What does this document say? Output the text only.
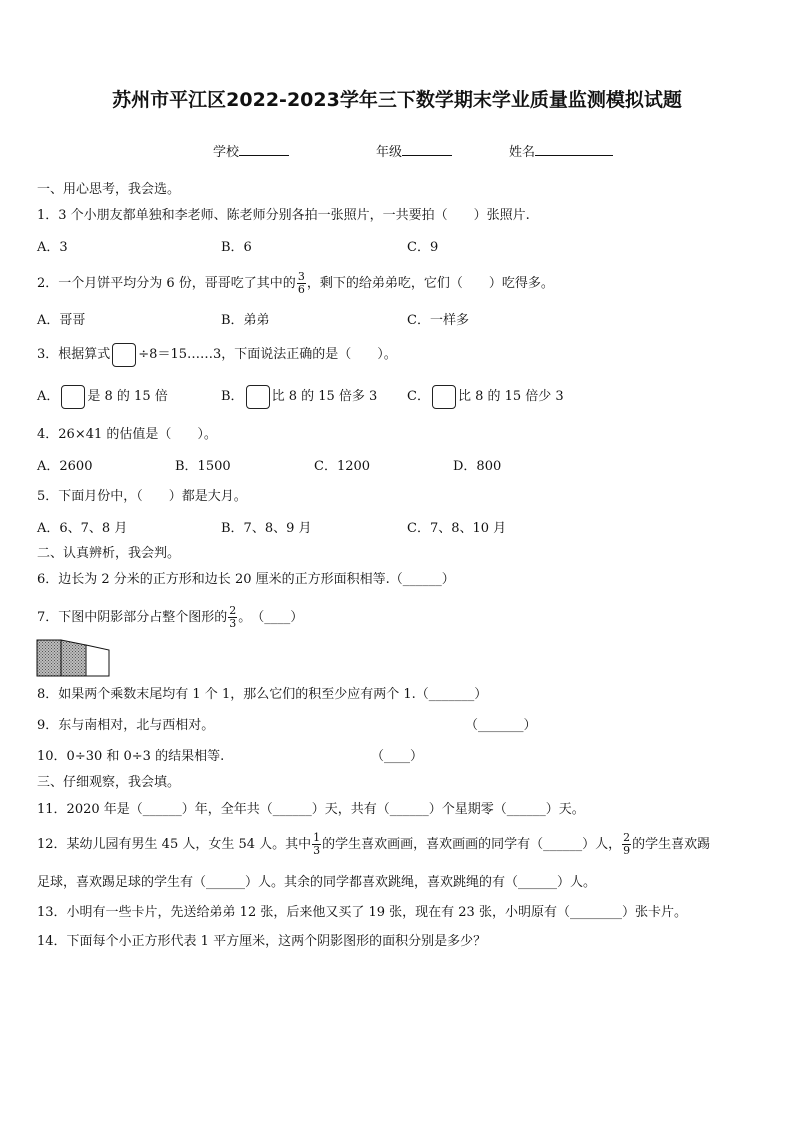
苏州市平江区2022-2023学年三下数学期末学业质量监测模拟试题
学校	年级	姓名
一、用心思考，我会选。
1．3 个小朋友都单独和李老师、陈老师分别各拍一张照片，一共要拍（　　）张照片.
A．3	B．6	C．9
2．一个月饼平均分为 6 份，哥哥吃了其中的 $\frac{3}{6}$ ，剩下的给弟弟吃，它们（　　）吃得多。
A．哥哥	B．弟弟	C．一样多
3．根据算式 ÷8＝15……3，下面说法正确的是（　　）。
A． 是 8 的 15 倍	B． 比 8 的 15 倍多 3 C． 比 8 的 15 倍少 3
4．26×41 的估值是（　　）。
A．2600	B．1500	C．1200	D．800
5．下面月份中，（　　）都是大月。
A．6、7、8 月	B．7、8、9 月	C．7、8、10 月
二、认真辨析，我会判。
6．边长为 2 分米的正方形和边长 20 厘米的正方形面积相等.（______）
7．下图中阴影部分占整个图形的 $\frac{2}{3}$ 。　（____）
8．如果两个乘数末尾均有 1 个 1，那么它们的积至少应有两个 1.（_______）
9．东与南相对，北与西相对。	（_______）
10．0÷30 和 0÷3 的结果相等.	（____）
三、仔细观察，我会填。
11．2020 年是（______）年，全年共（______）天，共有（______）个星期零（______）天。
12．某幼儿园有男生 45 人，女生 54 人。其中 $\frac{1}{3}$ 的学生喜欢画画，喜欢画画的同学有（______）人， $\frac{2}{9}$ 的学生喜欢踢
足球，喜欢踢足球的学生有（______）人。其余的同学都喜欢跳绳，喜欢跳绳的有（______）人。
13．小明有一些卡片，先送给弟弟 12 张，后来他又买了 19 张，现在有 23 张，小明原有（________）张卡片。
14．下面每个小正方形代表 1 平方厘米，这两个阴影图形的面积分别是多少？
